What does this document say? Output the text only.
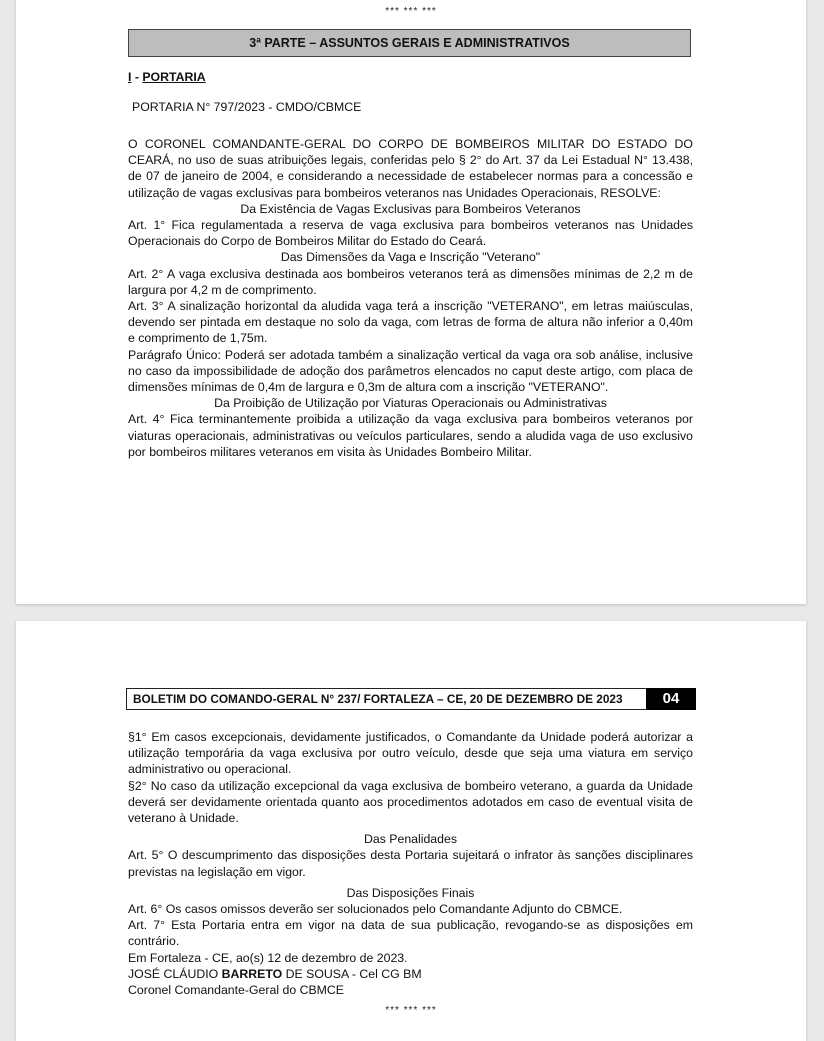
*** *** ***
3ª PARTE – ASSUNTOS GERAIS E ADMINISTRATIVOS
I - PORTARIA
PORTARIA N° 797/2023 - CMDO/CBMCE

O CORONEL COMANDANTE-GERAL DO CORPO DE BOMBEIROS MILITAR DO ESTADO DO CEARÁ, no uso de suas atribuições legais, conferidas pelo § 2° do Art. 37 da Lei Estadual N° 13.438, de 07 de janeiro de 2004, e considerando a necessidade de estabelecer normas para a concessão e utilização de vagas exclusivas para bombeiros veteranos nas Unidades Operacionais, RESOLVE:

Da Existência de Vagas Exclusivas para Bombeiros Veteranos

Art. 1° Fica regulamentada a reserva de vaga exclusiva para bombeiros veteranos nas Unidades Operacionais do Corpo de Bombeiros Militar do Estado do Ceará.

Das Dimensões da Vaga e Inscrição "Veterano"

Art. 2° A vaga exclusiva destinada aos bombeiros veteranos terá as dimensões mínimas de 2,2 m de largura por 4,2 m de comprimento.

Art. 3° A sinalização horizontal da aludida vaga terá a inscrição "VETERANO", em letras maiúsculas, devendo ser pintada em destaque no solo da vaga, com letras de forma de altura não inferior a 0,40m e comprimento de 1,75m.

Parágrafo Único: Poderá ser adotada também a sinalização vertical da vaga ora sob análise, inclusive no caso da impossibilidade de adoção dos parâmetros elencados no caput deste artigo, com placa de dimensões mínimas de 0,4m de largura e 0,3m de altura com a inscrição "VETERANO".

Da Proibição de Utilização por Viaturas Operacionais ou Administrativas

Art. 4° Fica terminantemente proibida a utilização da vaga exclusiva para bombeiros veteranos por viaturas operacionais, administrativas ou veículos particulares, sendo a aludida vaga de uso exclusivo por bombeiros militares veteranos em visita às Unidades Bombeiro Militar.

BOLETIM DO COMANDO-GERAL N° 237/ FORTALEZA – CE, 20 DE DEZEMBRO DE 2023	04

§1° Em casos excepcionais, devidamente justificados, o Comandante da Unidade poderá autorizar a utilização temporária da vaga exclusiva por outro veículo, desde que seja uma viatura em serviço administrativo ou operacional.

§2° No caso da utilização excepcional da vaga exclusiva de bombeiro veterano, a guarda da Unidade deverá ser devidamente orientada quanto aos procedimentos adotados em caso de eventual visita de veterano à Unidade.

Das Penalidades

Art. 5° O descumprimento das disposições desta Portaria sujeitará o infrator às sanções disciplinares previstas na legislação em vigor.

Das Disposições Finais

Art. 6° Os casos omissos deverão ser solucionados pelo Comandante Adjunto do CBMCE.

Art. 7° Esta Portaria entra em vigor na data de sua publicação, revogando-se as disposições em contrário.

Em Fortaleza - CE, ao(s) 12 de dezembro de 2023.

JOSÉ CLÁUDIO BARRETO DE SOUSA - Cel CG BM

Coronel Comandante-Geral do CBMCE

*** *** ***
